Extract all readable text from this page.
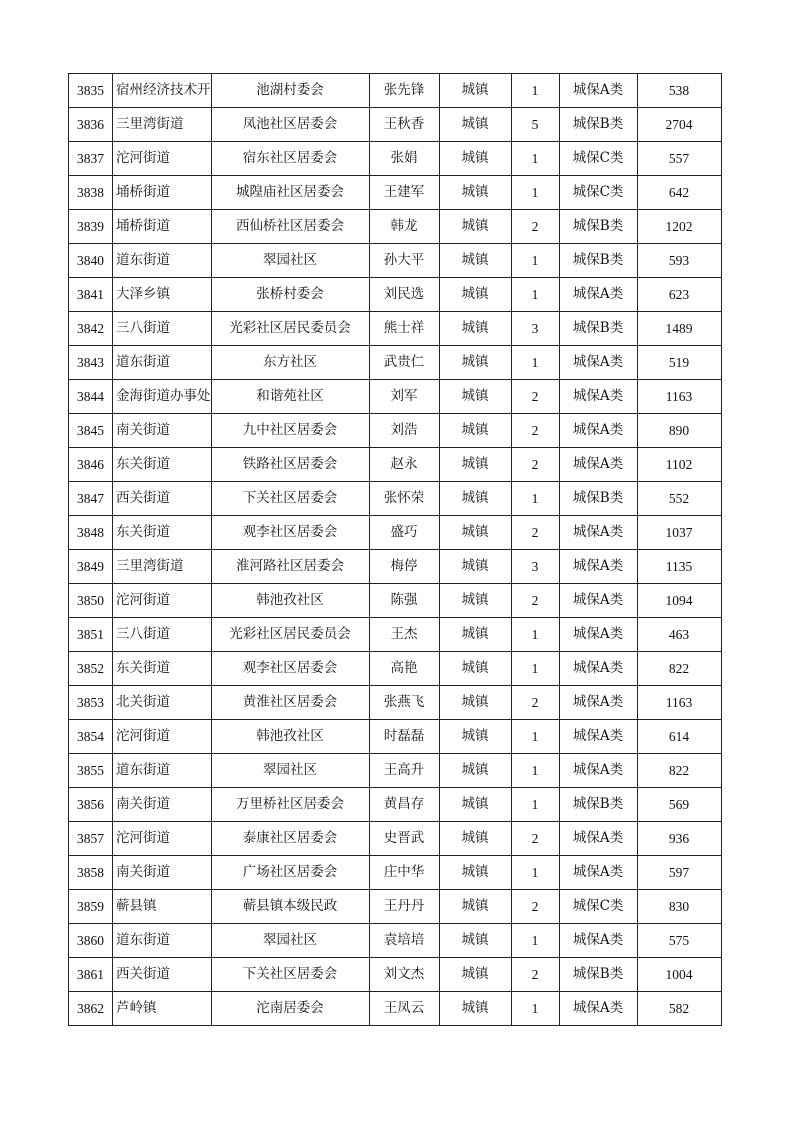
3835	宿州经济技术开	池湖村委会	张先锋	城镇	1	城保A类	538
3836	三里湾街道	凤池社区居委会	王秋香	城镇	5	城保B类	2704
3837	沱河街道	宿东社区居委会	张娟	城镇	1	城保C类	557
3838	埇桥街道	城隍庙社区居委会	王建军	城镇	1	城保C类	642
3839	埇桥街道	西仙桥社区居委会	韩龙	城镇	2	城保B类	1202
3840	道东街道	翠园社区	孙大平	城镇	1	城保B类	593
3841	大泽乡镇	张桥村委会	刘民选	城镇	1	城保A类	623
3842	三八街道	光彩社区居民委员会	熊士祥	城镇	3	城保B类	1489
3843	道东街道	东方社区	武贵仁	城镇	1	城保A类	519
3844	金海街道办事处	和谐苑社区	刘军	城镇	2	城保A类	1163
3845	南关街道	九中社区居委会	刘浩	城镇	2	城保A类	890
3846	东关街道	铁路社区居委会	赵永	城镇	2	城保A类	1102
3847	西关街道	下关社区居委会	张怀荣	城镇	1	城保B类	552
3848	东关街道	观李社区居委会	盛巧	城镇	2	城保A类	1037
3849	三里湾街道	淮河路社区居委会	梅停	城镇	3	城保A类	1135
3850	沱河街道	韩池孜社区	陈强	城镇	2	城保A类	1094
3851	三八街道	光彩社区居民委员会	王杰	城镇	1	城保A类	463
3852	东关街道	观李社区居委会	高艳	城镇	1	城保A类	822
3853	北关街道	黄淮社区居委会	张燕飞	城镇	2	城保A类	1163
3854	沱河街道	韩池孜社区	时磊磊	城镇	1	城保A类	614
3855	道东街道	翠园社区	王高升	城镇	1	城保A类	822
3856	南关街道	万里桥社区居委会	黄昌存	城镇	1	城保B类	569
3857	沱河街道	泰康社区居委会	史晋武	城镇	2	城保A类	936
3858	南关街道	广场社区居委会	庄中华	城镇	1	城保A类	597
3859	蕲县镇	蕲县镇本级民政	王丹丹	城镇	2	城保C类	830
3860	道东街道	翠园社区	袁培培	城镇	1	城保A类	575
3861	西关街道	下关社区居委会	刘文杰	城镇	2	城保B类	1004
3862	芦岭镇	沱南居委会	王凤云	城镇	1	城保A类	582
